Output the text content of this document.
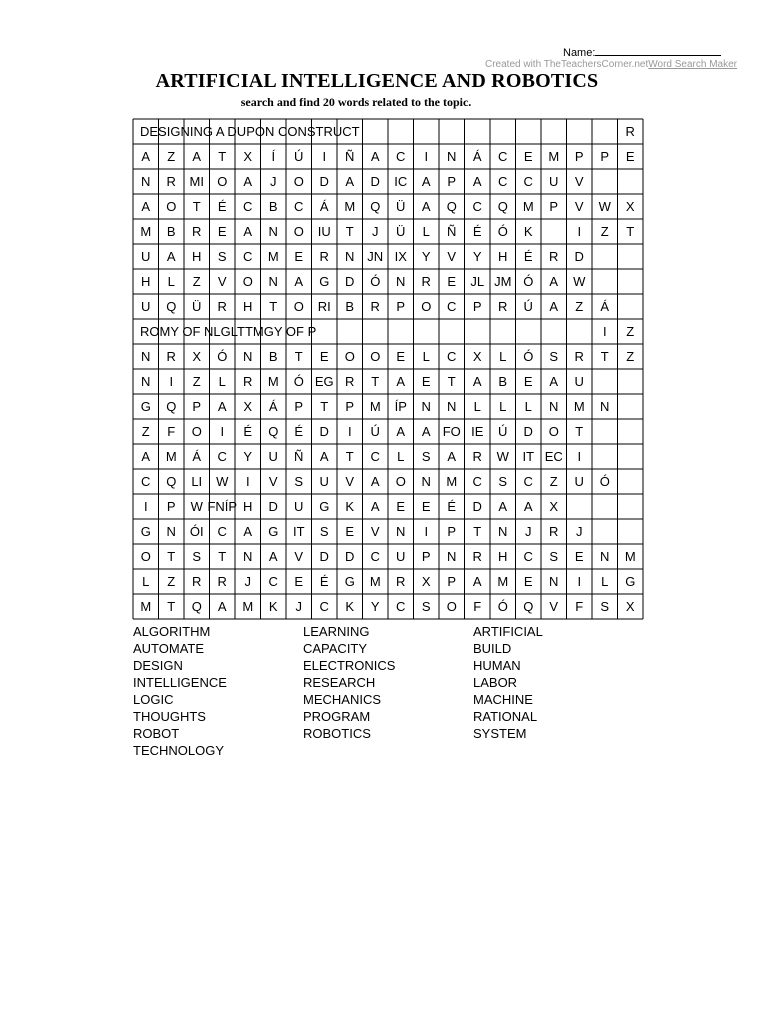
Name:
Created with TheTeachersCorner.netWord Search Maker
ARTIFICIAL INTELLIGENCE AND ROBOTICS
search and find 20 words related to the topic.
DESIGNING A DUPON CONSTRUCT	R
A Z A T X Í Ú I Ñ A C I N Á C E M P P E
N R MI O A J O D A D IC A P A C C U V
A O T É C B C Á M Q Ü A Q C Q M P V W X
M B R E A N O IU T J Ü L Ñ É Ó K	I Z T
U A H S C M E R N JN IX Y V Y H É R D
H L Z V O N A G D Ó N R E JL JM Ó A W
U Q Ü R H T O RI B R P O C P R Ú A Z Á
ROMY OF NLGLTTMGY OF P	I Z
N R X Ó N B T E O O E L C X L Ó S R T Z
N I Z L R M Ó EG R T A E T A B E A U
G Q P A X Á P T P M ÍP N N L L L N M N
Z F O I É Q É D I Ú A A FO IE Ú D O T
A M Á C Y U Ñ A T C L S A R W IT EC I
C Q LI W I V S U V A O N M C S C Z U Ó
I P W FNÍP H D U G K A E E É D A A X
G N ÓI C A G IT S E V N I P T N J R J
O T S T N A V D D C U P N R H C S E N M
L Z R R J C E É G M R X P A M E N I L G
M T Q A M K J C K Y C S O F Ó Q V F S X
ALGORITHM
AUTOMATE
DESIGN
INTELLIGENCE
LOGIC
THOUGHTS
ROBOT
TECHNOLOGY
LEARNING
CAPACITY
ELECTRONICS
RESEARCH
MECHANICS
PROGRAM
ROBOTICS
ARTIFICIAL
BUILD
HUMAN
LABOR
MACHINE
RATIONAL
SYSTEM
